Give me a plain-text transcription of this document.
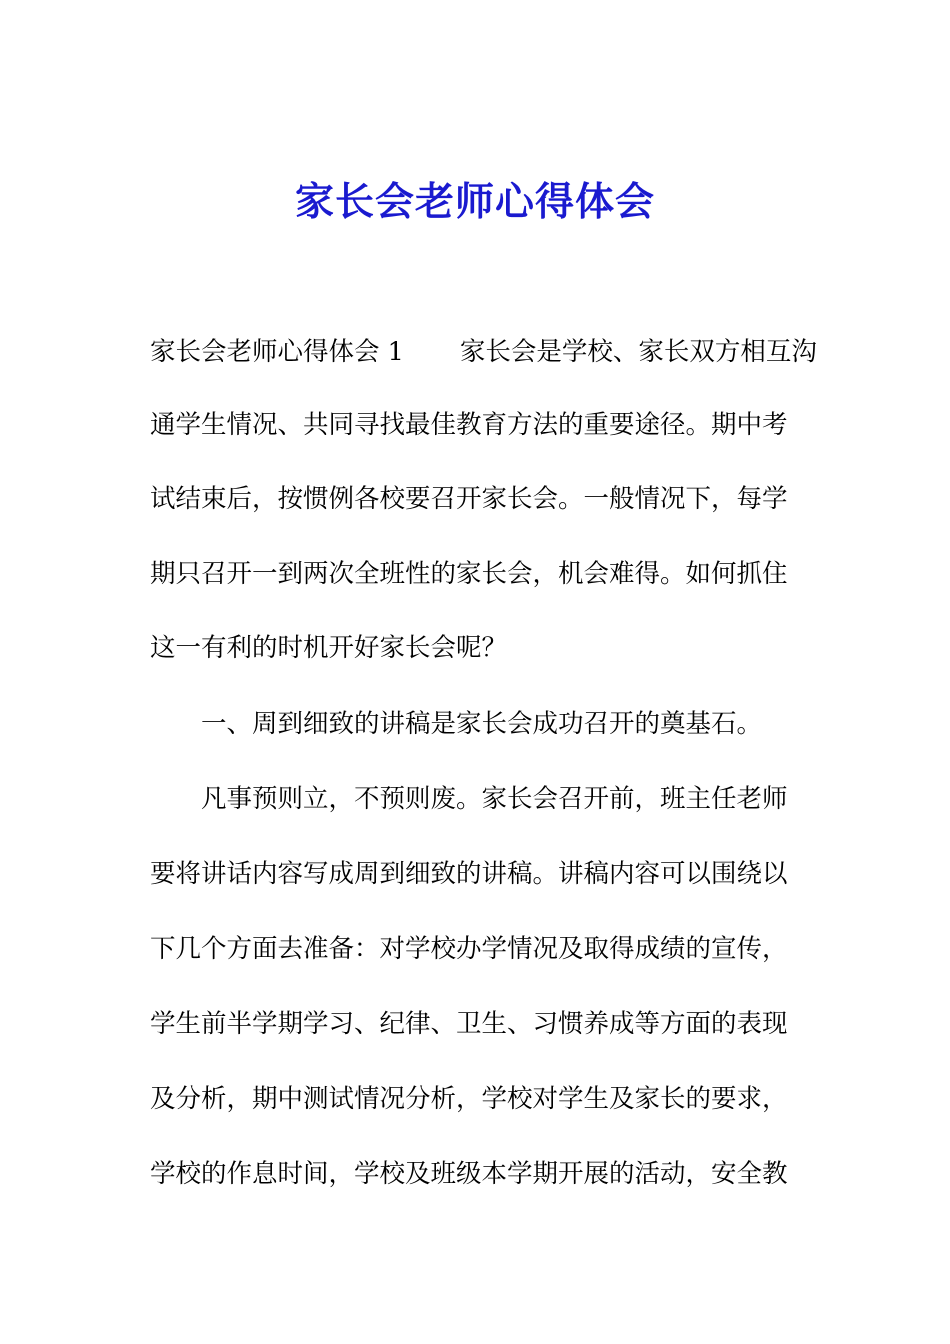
家长会老师心得体会
家长会老师心得体会 1 家长会是学校、家长双方相互沟
通学生情况、共同寻找最佳教育方法的重要途径。期中考
试结束后，按惯例各校要召开家长会。一般情况下，每学
期只召开一到两次全班性的家长会，机会难得。如何抓住
这一有利的时机开好家长会呢？
一、周到细致的讲稿是家长会成功召开的奠基石。
凡事预则立，不预则废。家长会召开前，班主任老师
要将讲话内容写成周到细致的讲稿。讲稿内容可以围绕以
下几个方面去准备：对学校办学情况及取得成绩的宣传，
学生前半学期学习、纪律、卫生、习惯养成等方面的表现
及分析，期中测试情况分析，学校对学生及家长的要求，
学校的作息时间，学校及班级本学期开展的活动，安全教
